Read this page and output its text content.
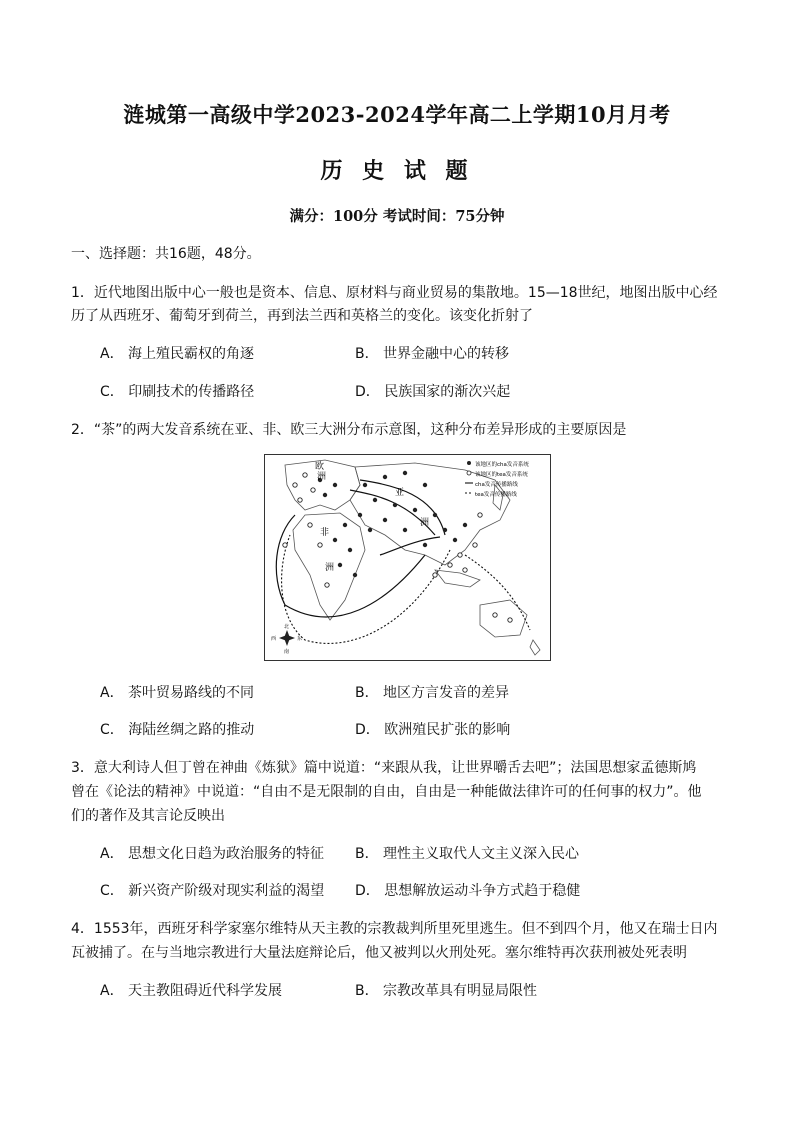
涟城第一高级中学2023-2024学年高二上学期10月月考
历 史 试 题
满分：100分 考试时间：75分钟
一、选择题：共16题，48分。
1．近代地图出版中心一般也是资本、信息、原材料与商业贸易的集散地。15—18世纪，地图出版中心经
历了从西班牙、葡萄牙到荷兰，再到法兰西和英格兰的变化。该变化折射了
A． 海上殖民霸权的角逐	B． 世界金融中心的转移
C． 印刷技术的传播路径	D． 民族国家的渐次兴起
2．“茶”的两大发音系统在亚、非、欧三大洲分布示意图，这种分布差异形成的主要原因是
欧
洲
亚
洲
非
洲
该地区的cha发音系统
该地区的tea发音系统
cha发音传播路线
tea发音传播路线
北
南
西	东
A． 茶叶贸易路线的不同	B． 地区方言发音的差异
C． 海陆丝绸之路的推动	D． 欧洲殖民扩张的影响
3．意大利诗人但丁曾在神曲《炼狱》篇中说道：“来跟从我，让世界嚼舌去吧”；法国思想家孟德斯鸠
曾在《论法的精神》中说道：“自由不是无限制的自由，自由是一种能做法律许可的任何事的权力”。他
们的著作及其言论反映出
A． 思想文化日趋为政治服务的特征 B． 理性主义取代人文主义深入民心
C． 新兴资产阶级对现实利益的渴望 D． 思想解放运动斗争方式趋于稳健
4．1553年，西班牙科学家塞尔维特从天主教的宗教裁判所里死里逃生。但不到四个月，他又在瑞士日内
瓦被捕了。在与当地宗教进行大量法庭辩论后，他又被判以火刑处死。塞尔维特再次获刑被处死表明
A． 天主教阻碍近代科学发展	B． 宗教改革具有明显局限性
